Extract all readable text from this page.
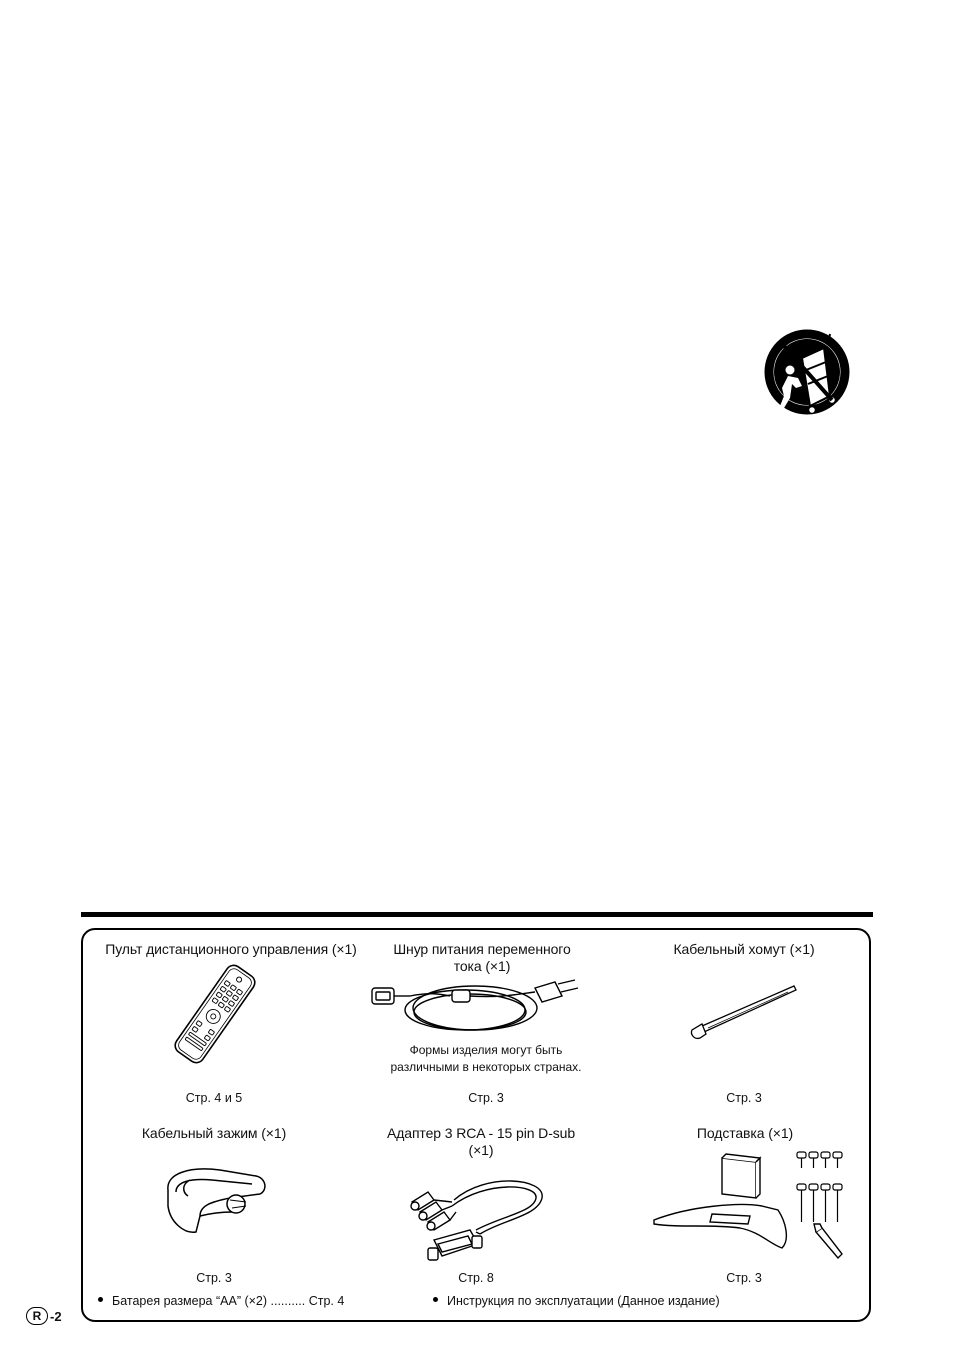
Пульт дистанционного управления (×1)	Шнур питания переменного
тока (×1)
Кабельный хомут (×1)
Формы изделия могут быть
различными в некоторых странах.
Стр. 4 и 5	Стр. 3	Стр. 3
Кабельный зажим (×1)	Адаптер 3 RCA - 15 pin D-sub
(×1)
Подставка (×1)
Стр. 3	Стр. 8	Стр. 3
Батарея размера “АА” (×2) .......... Стр. 4	Инструкция по эксплуатации (Данное издание)
R -2
